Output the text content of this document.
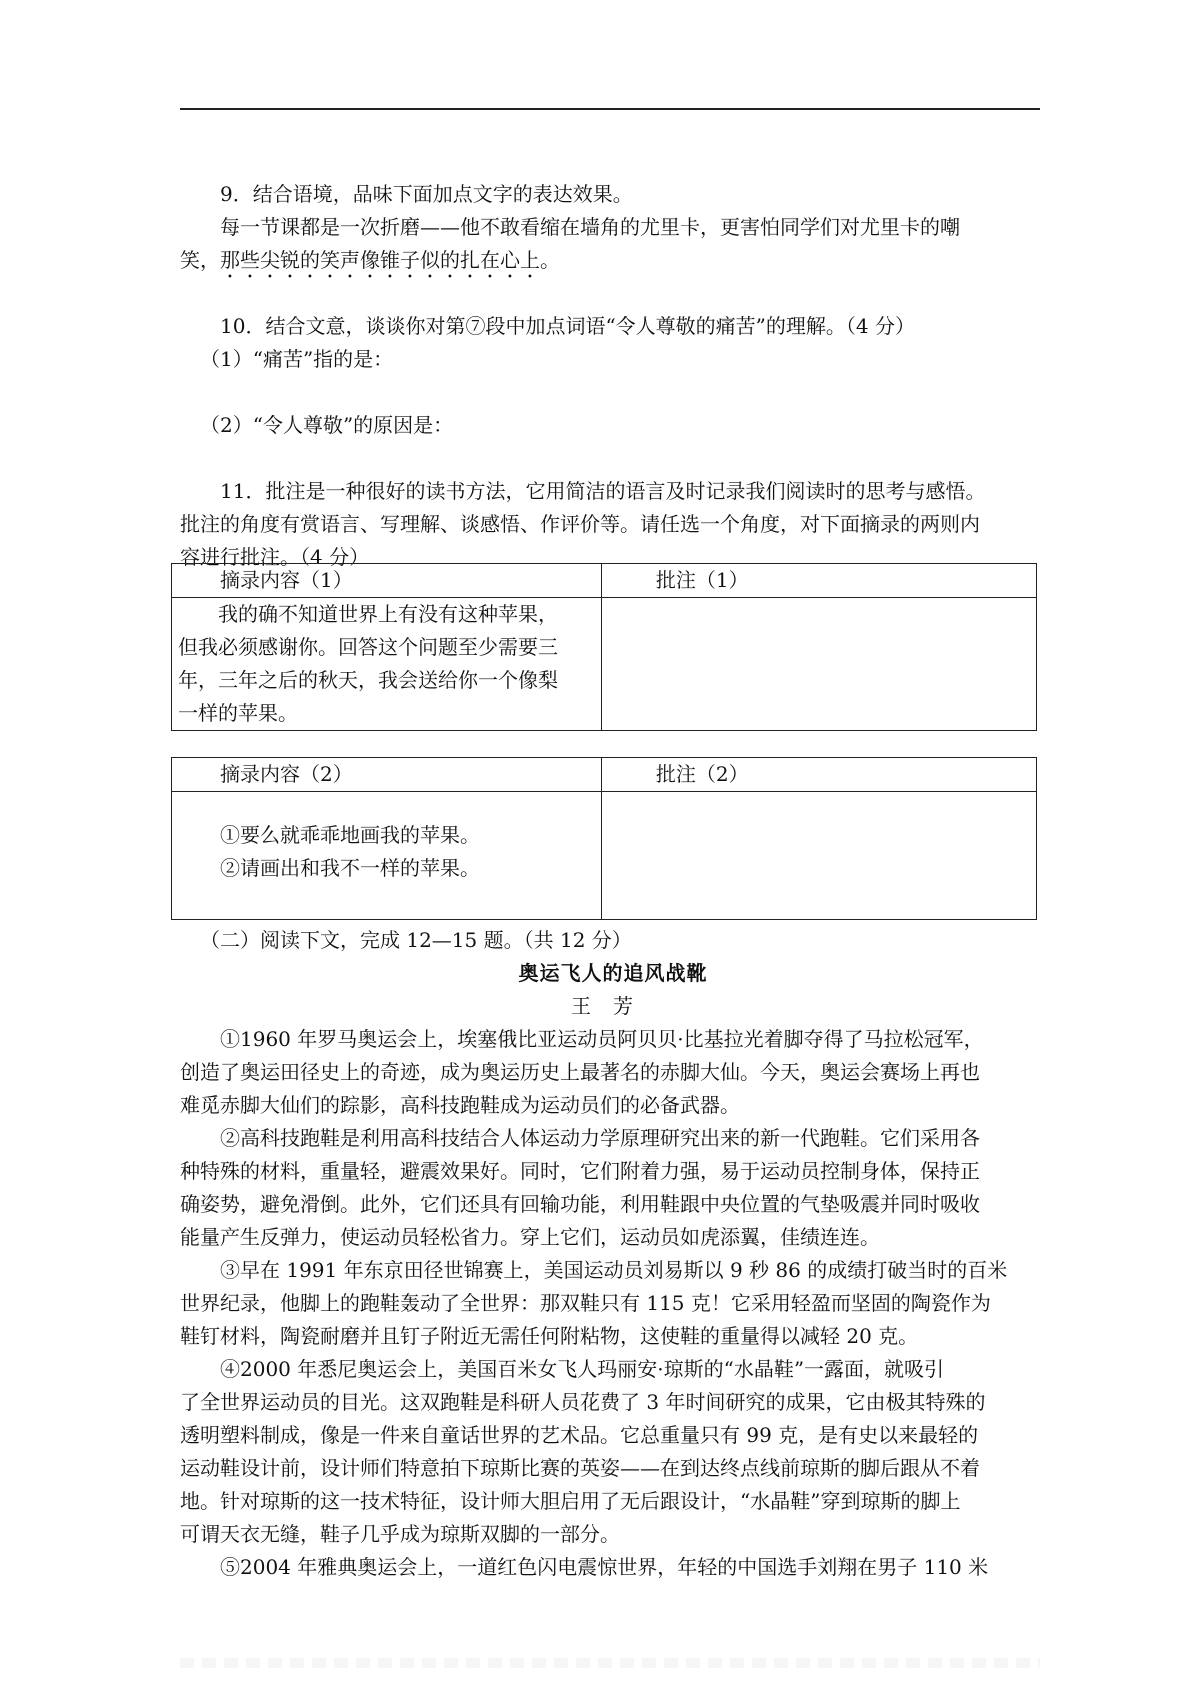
9．结合语境，品味下面加点文字的表达效果。

每一节课都是一次折磨——他不敢看缩在墙角的尤里卡，更害怕同学们对尤里卡的嘲

笑，那些尖锐的笑声像锥子似的扎在心上。

10．结合文意，谈谈你对第⑦段中加点词语“令人尊敬的痛苦”的理解。（4 分）

（1）“痛苦”指的是：

（2）“令人尊敬”的原因是：

11．批注是一种很好的读书方法，它用简洁的语言及时记录我们阅读时的思考与感悟。

批注的角度有赏语言、写理解、谈感悟、作评价等。请任选一个角度，对下面摘录的两则内

容进行批注。（4 分）

摘录内容（1）	批注（1）

我的确不知道世界上有没有这种苹果，

但我必须感谢你。回答这个问题至少需要三

年，三年之后的秋天，我会送给你一个像梨

一样的苹果。	

摘录内容（2）	批注（2）

①要么就乖乖地画我的苹果。

②请画出和我不一样的苹果。	

（二）阅读下文，完成 12—15 题。（共 12 分）

奥运飞人的追风战靴

王芳

①1960 年罗马奥运会上，埃塞俄比亚运动员阿贝贝·比基拉光着脚夺得了马拉松冠军，

创造了奥运田径史上的奇迹，成为奥运历史上最著名的赤脚大仙。今天，奥运会赛场上再也

难觅赤脚大仙们的踪影，高科技跑鞋成为运动员们的必备武器。

②高科技跑鞋是利用高科技结合人体运动力学原理研究出来的新一代跑鞋。它们采用各

种特殊的材料，重量轻，避震效果好。同时，它们附着力强，易于运动员控制身体，保持正

确姿势，避免滑倒。此外，它们还具有回输功能，利用鞋跟中央位置的气垫吸震并同时吸收

能量产生反弹力，使运动员轻松省力。穿上它们，运动员如虎添翼，佳绩连连。

③早在 1991 年东京田径世锦赛上，美国运动员刘易斯以 9 秒 86 的成绩打破当时的百米

世界纪录，他脚上的跑鞋轰动了全世界：那双鞋只有 115 克！它采用轻盈而坚固的陶瓷作为

鞋钉材料，陶瓷耐磨并且钉子附近无需任何附粘物，这使鞋的重量得以减轻 20 克。

④2000 年悉尼奥运会上，美国百米女飞人玛丽安·琼斯的“水晶鞋”一露面，就吸引

了全世界运动员的目光。这双跑鞋是科研人员花费了 3 年时间研究的成果，它由极其特殊的

透明塑料制成，像是一件来自童话世界的艺术品。它总重量只有 99 克，是有史以来最轻的

运动鞋设计前，设计师们特意拍下琼斯比赛的英姿——在到达终点线前琼斯的脚后跟从不着

地。针对琼斯的这一技术特征，设计师大胆启用了无后跟设计，“水晶鞋”穿到琼斯的脚上

可谓天衣无缝，鞋子几乎成为琼斯双脚的一部分。

⑤2004 年雅典奥运会上，一道红色闪电震惊世界，年轻的中国选手刘翔在男子 110 米
